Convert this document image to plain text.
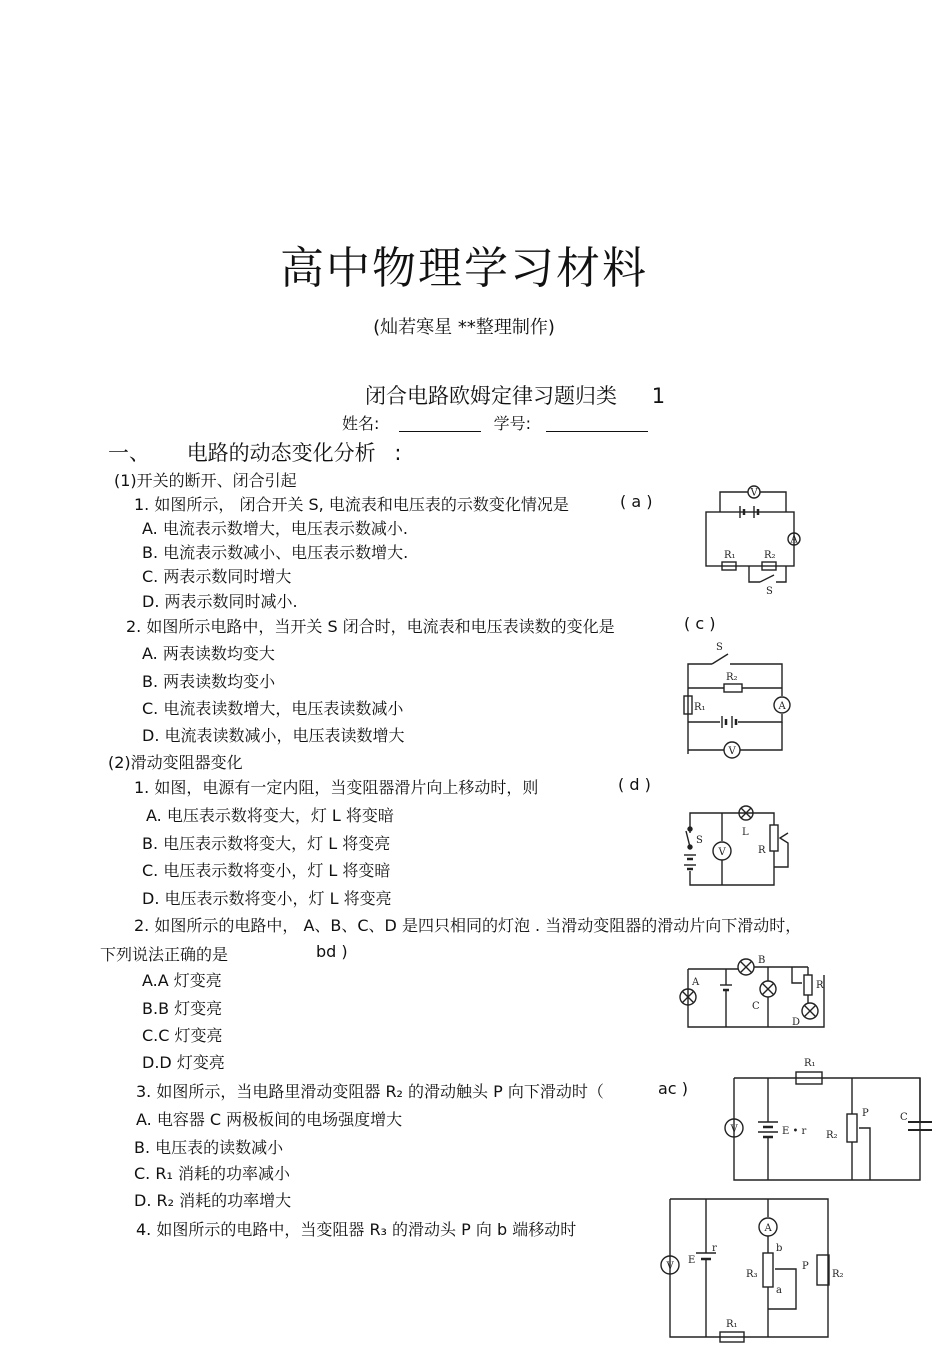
高中物理学习材料
(灿若寒星 **整理制作)
闭合电路欧姆定律习题归类 1
姓名:	学号:
一、 电路的动态变化分析 :
(1)开关的断开、闭合引起
1. 如图所示， 闭合开关 S, 电流表和电压表的示数变化情况是	( a )
A. 电流表示数增大，电压表示数减小.
B. 电流表示数减小、电压表示数增大.
C. 两表示数同时增大
D. 两表示数同时减小.
2. 如图所示电路中，当开关 S 闭合时，电流表和电压表读数的变化是	( c )
A. 两表读数均变大
B. 两表读数均变小
C. 电流表读数增大，电压表读数减小
D. 电流表读数减小，电压表读数增大
(2)滑动变阻器变化
1. 如图，电源有一定内阻，当变阻器滑片向上移动时，则	( d )
A. 电压表示数将变大，灯 L 将变暗
B. 电压表示数将变大，灯 L 将变亮
C. 电压表示数将变小，灯 L 将变暗
D. 电压表示数将变小，灯 L 将变亮
2. 如图所示的电路中， A、B、C、D 是四只相同的灯泡 . 当滑动变阻器的滑动片向下滑动时，
下列说法正确的是	bd )
A.A 灯变亮
B.B 灯变亮
C.C 灯变亮
D.D 灯变亮
3. 如图所示，当电路里滑动变阻器 R₂ 的滑动触头 P 向下滑动时（	ac )
A. 电容器 C 两极板间的电场强度增大
B. 电压表的读数减小
C. R₁ 消耗的功率减小
D. R₂ 消耗的功率增大
4. 如图所示的电路中，当变阻器 R₃ 的滑动头 P 向 b 端移动时
V
A
R₁	R₂
S
S
R₂
R₁	A
V
S
L
R
V
B
A
C
R
D
R₁
V	E • r R₂
P	C
V
E
r
A
R₃
b
a
P
R₂
R₁
